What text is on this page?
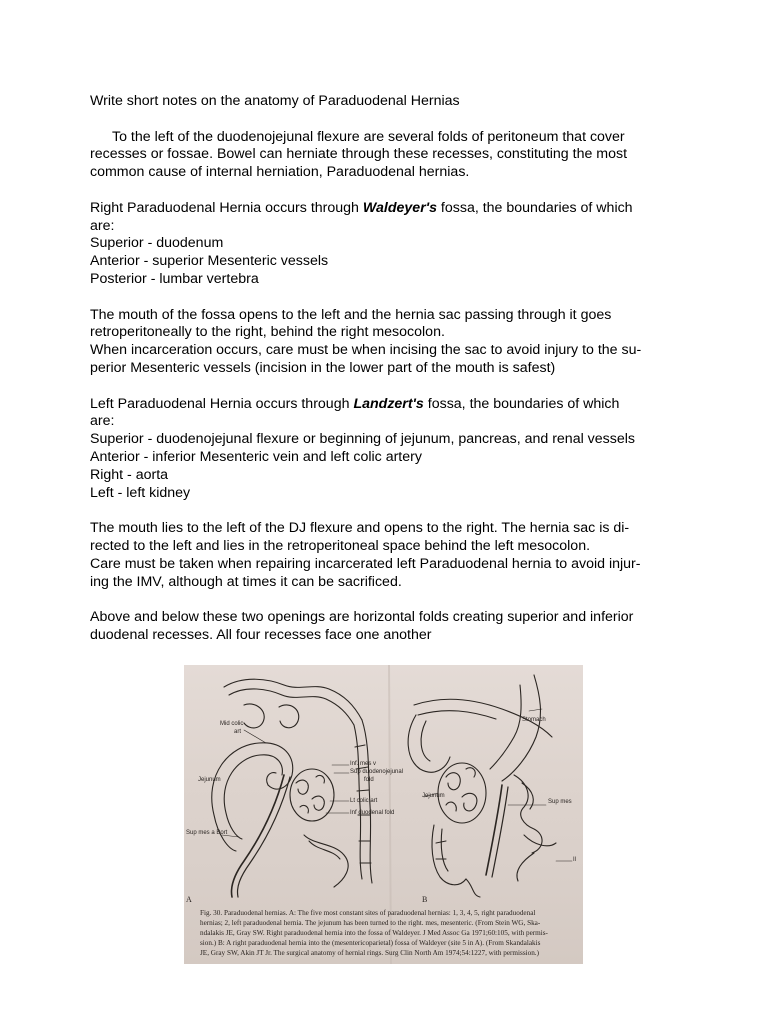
Write short notes on the anatomy of Paraduodenal Hernias

To the left of the duodenojejunal flexure are several folds of peritoneum that cover

recesses or fossae. Bowel can herniate through these recesses, constituting the most

common cause of internal herniation, Paraduodenal hernias.

Right Paraduodenal Hernia occurs through Waldeyer's fossa, the boundaries of which

are:

Superior - duodenum

Anterior - superior Mesenteric vessels

Posterior - lumbar vertebra

The mouth of the fossa opens to the left and the hernia sac passing through it goes

retroperitoneally to the right, behind the right mesocolon.

When incarceration occurs, care must be when incising the sac to avoid injury to the su-

perior Mesenteric vessels (incision in the lower part of the mouth is safest)

Left Paraduodenal Hernia occurs through Landzert's fossa, the boundaries of which

are:

Superior - duodenojejunal flexure or beginning of jejunum, pancreas, and renal vessels

Anterior - inferior Mesenteric vein and left colic artery

Right - aorta

Left - left kidney

The mouth lies to the left of the DJ flexure and opens to the right. The hernia sac is di-

rected to the left and lies in the retroperitoneal space behind the left mesocolon.

Care must be taken when repairing incarcerated left Paraduodenal hernia to avoid injur-

ing the IMV, although at times it can be sacrificed.

Above and below these two openings are horizontal folds creating superior and inferior

duodenal recesses. All four recesses face one another

Mid colic
art
Jejunum
Inf. mes v
Sup duodenojejunal
fold
Lt colic art
Inf duodenal fold
Sup mes a Bort
Stomach
Jejunum
Sup mes
Il
A	B

Fig. 30. Paraduodenal hernias. A: The five most constant sites of paraduodenal hernias: 1, 3, 4, 5, right paraduodenal

hernias; 2, left paraduodenal hernia. The jejunum has been turned to the right. mes, mesenteric. (From Stein WG, Ska-

ndalakis JE, Gray SW. Right paraduodenal hernia into the fossa of Waldeyer. J Med Assoc Ga 1971;60:105, with permis-

sion.) B: A right paraduodenal hernia into the (mesentericoparietal) fossa of Waldeyer (site 5 in A). (From Skandalakis

JE, Gray SW, Akin JT Jr. The surgical anatomy of hernial rings. Surg Clin North Am 1974;54:1227, with permission.)
